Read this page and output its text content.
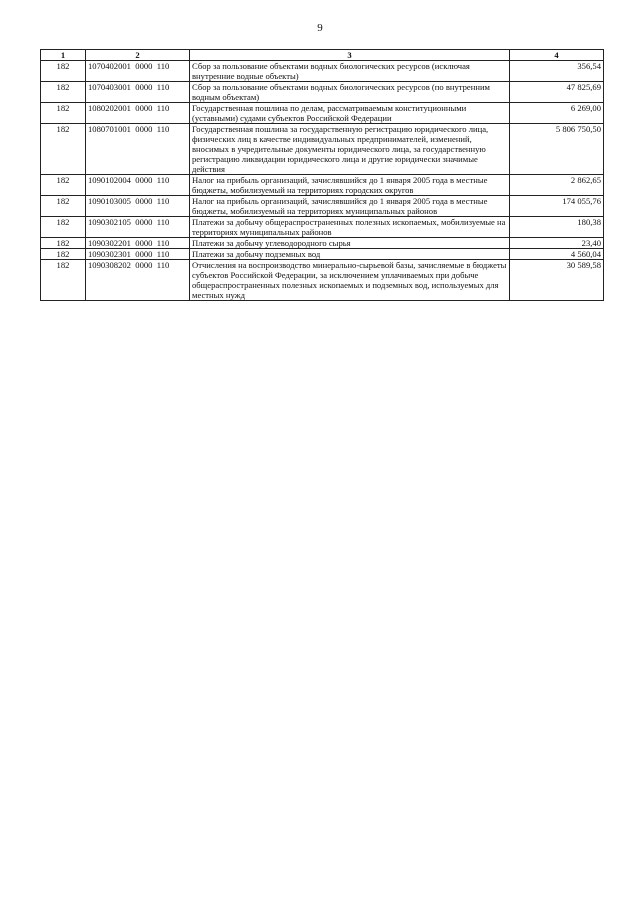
9
1	2	3	4
182	1070402001  0000  110	Сбор за пользование объектами водных биологических ресурсов (исключая внутренние водные объекты)	356,54
182	1070403001  0000  110	Сбор за пользование объектами водных биологических ресурсов (по внутренним водным объектам)	47 825,69
182	1080202001  0000  110	Государственная пошлина по делам, рассматриваемым конституционными (уставными) судами субъектов Российской Федерации	6 269,00
182	1080701001  0000  110	Государственная пошлина за государственную регистрацию юридического лица, физических лиц в качестве индивидуальных предпринимателей, изменений, вносимых в учредительные документы юридического лица, за государственную регистрацию ликвидации юридического лица и другие юридически значимые действия	5 806 750,50
182	1090102004  0000  110	Налог на прибыль организаций, зачислявшийся до 1 января 2005 года в местные бюджеты, мобилизуемый на территориях городских округов	2 862,65
182	1090103005  0000  110	Налог на прибыль организаций, зачислявшийся до 1 января 2005 года в местные бюджеты, мобилизуемый на территориях муниципальных районов	174 055,76
182	1090302105  0000  110	Платежи за добычу общераспространенных полезных ископаемых, мобилизуемые на территориях муниципальных районов	180,38
182	1090302201  0000  110	Платежи за добычу углеводородного сырья	23,40
182	1090302301  0000  110	Платежи за добычу подземных вод	4 560,04
182	1090308202  0000  110	Отчисления на воспроизводство минерально-сырьевой базы, зачисляемые в бюджеты субъектов Российской Федерации, за исключением уплачиваемых при добыче общераспространенных полезных ископаемых и подземных вод, используемых для местных нужд	30 589,58
